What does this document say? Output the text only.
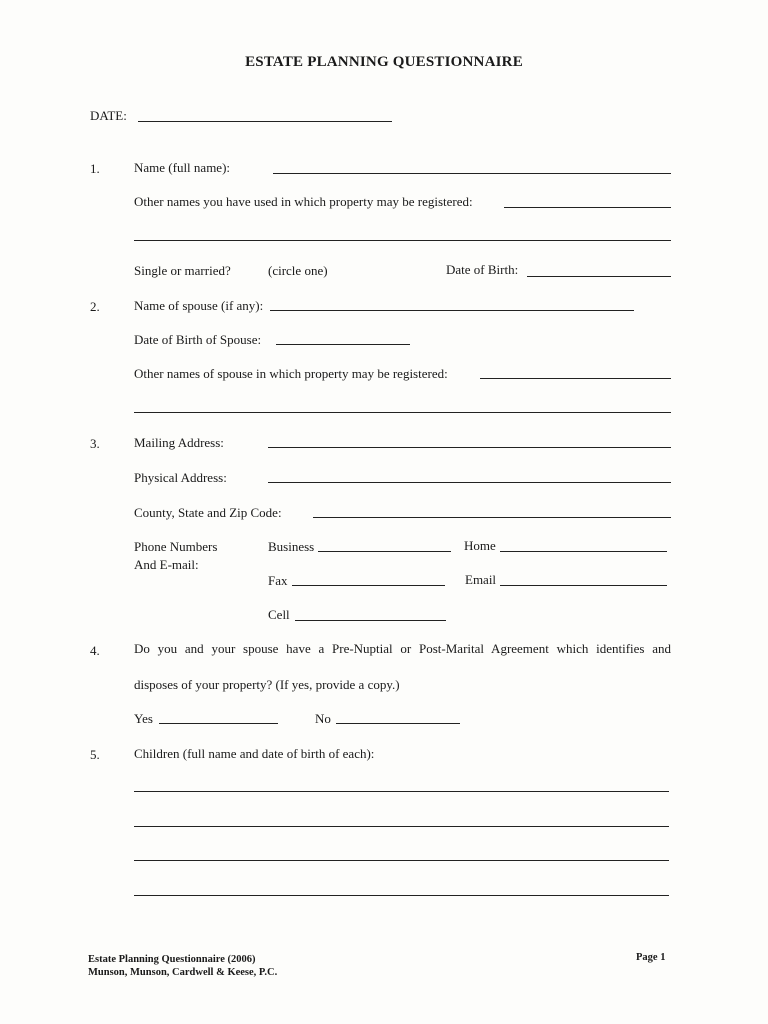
ESTATE PLANNING QUESTIONNAIRE
DATE:
1.	Name (full name):
Other names you have used in which property may be registered:
Single or married?	(circle one)	Date of Birth:
2.	Name of spouse (if any):
Date of Birth of Spouse:
Other names of spouse in which property may be registered:
3.	Mailing Address:
Physical Address:
County, State and Zip Code:
Phone Numbers
And E-mail:
Business	Home
Fax	Email
Cell
4.	Do you and your spouse have a Pre-Nuptial or Post-Marital Agreement which identifies and
disposes of your property? (If yes, provide a copy.)
Yes	No
5.	Children (full name and date of birth of each):
Estate Planning Questionnaire (2006)
Munson, Munson, Cardwell & Keese, P.C.
Page 1
